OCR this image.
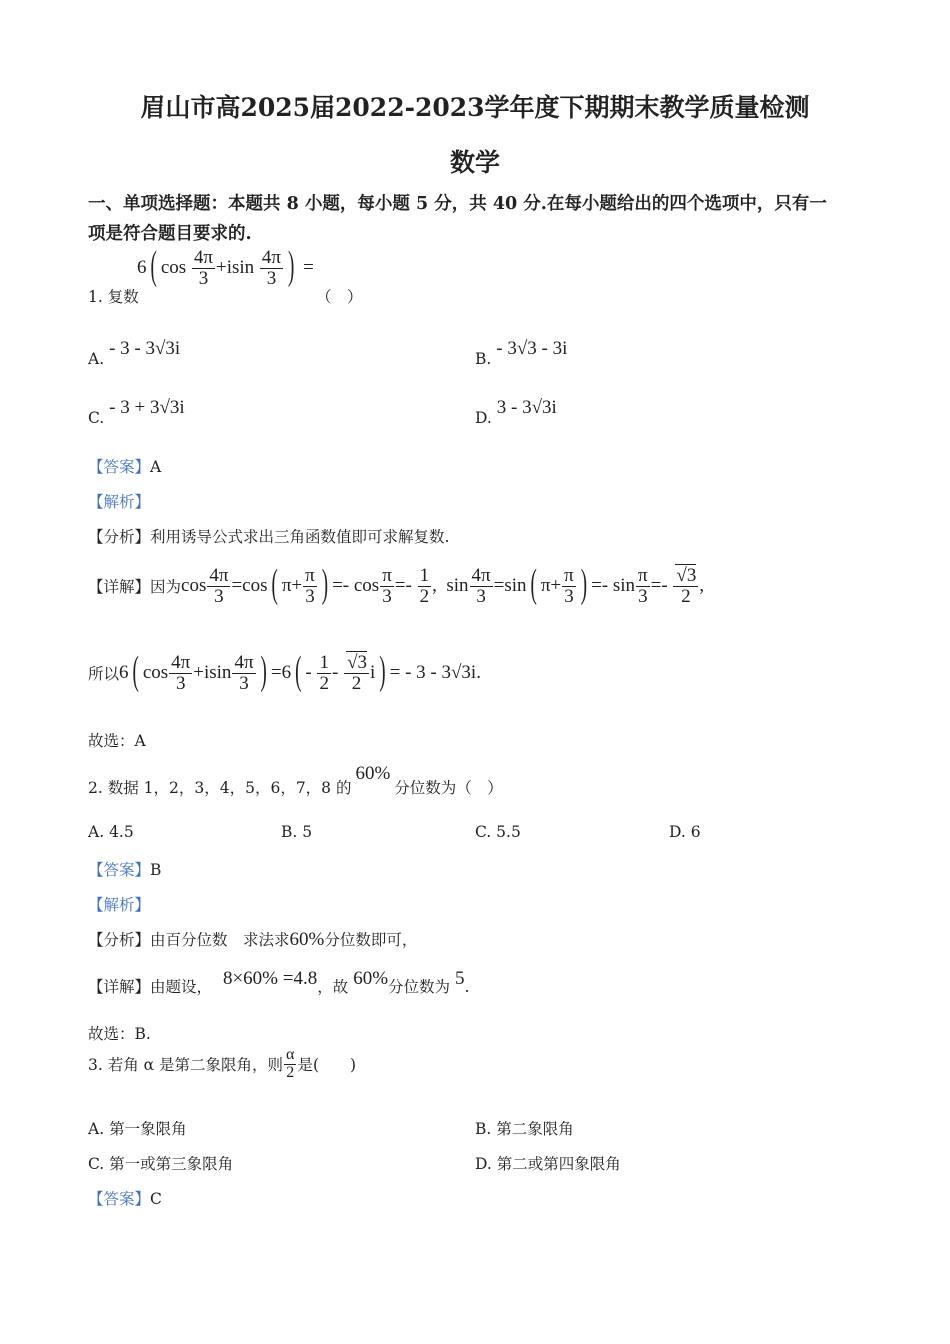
眉山市高2025届2022-2023学年度下期期末教学质量检测
数学
一、单项选择题：本题共 8 小题，每小题 5 分，共 40 分.在每小题给出的四个选项中，只有一
项是符合题目要求的.
6 ( $\cos \frac{4\pi}{3} +isin \frac{4\pi}{3}$ ) =
1. 复数	（　）
A. - 3 - 3√3i	B. - 3√3 - 3i
C. - 3 + 3√3i	D. 3 - 3√3i
【答案】A
【解析】
【分析】利用诱导公式求出三角函数值即可求解复数.
【详解】 因为 $\cos \frac{4\pi}{3} =\cos$ ( $\pi+ \frac{\pi}{3}$ ) =- $\cos \frac{\pi}{3} =- \frac{1}{2}$ ,  $\sin \frac{4\pi}{3} =\sin$ ( $\pi+ \frac{\pi}{3}$ ) =- $\sin \frac{\pi}{3} =- \frac{√3}{2}$ ,
所以 6 ( $\cos \frac{4\pi}{3} +isin \frac{4\pi}{3}$ ) =6 ( - $\frac{1}{2} - \frac{√3}{2}$ i ) = - 3 - 3√3i.
故选：A
2. 数据 1，2，3，4，5，6，7，8 的60%分位数为（　）
A. 4.5	B. 5	C. 5.5	D. 6
【答案】B
【解析】
【分析】由百分位数　求法求60%分位数即可，
【详解】由题设， 8×60% =4.8，故 60%分位数为 5.
故选：B.
3. 若角 α 是第二象限角，则 $\frac{\alpha}{2}$ 是(　　)
A. 第一象限角	B. 第二象限角
C. 第一或第三象限角	D. 第二或第四象限角
【答案】C
